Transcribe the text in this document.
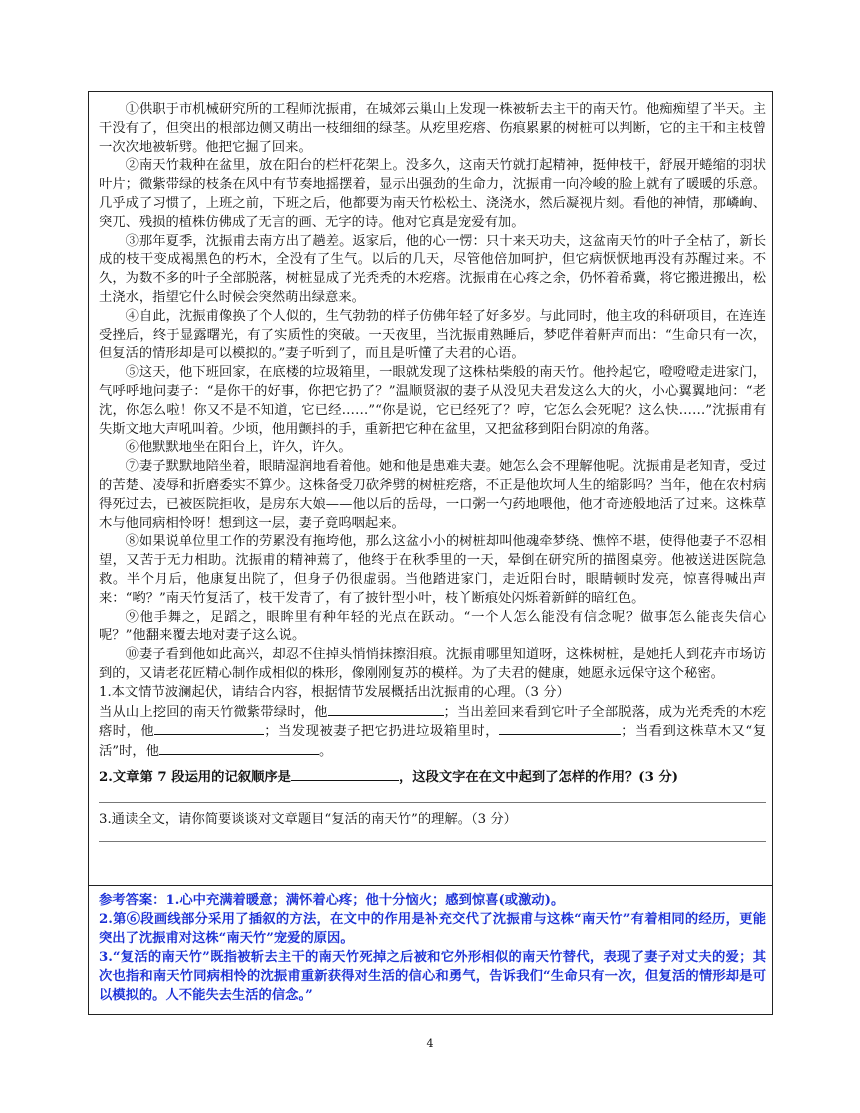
①供职于市机械研究所的工程师沈振甫，在城郊云巢山上发现一株被斩去主干的南天竹。他痴痴望了半天。主干没有了，但突出的根部边侧又萌出一枝细细的绿茎。从疙里疙瘩、伤痕累累的树桩可以判断，它的主干和主枝曾一次次地被斩劈。他把它掘了回来。

②南天竹栽种在盆里，放在阳台的栏杆花架上。没多久，这南天竹就打起精神，挺伸枝干，舒展开蜷缩的羽状叶片；微紫带绿的枝条在风中有节奏地摇摆着，显示出强劲的生命力，沈振甫一向冷峻的脸上就有了暖暖的乐意。几乎成了习惯了，上班之前，下班之后，他都要为南天竹松松土、浇浇水，然后凝视片刻。看他的神情，那嶙峋、突兀、残损的植株仿佛成了无言的画、无字的诗。他对它真是宠爱有加。

③那年夏季，沈振甫去南方出了趟差。返家后，他的心一愣：只十来天功夫，这盆南天竹的叶子全枯了，新长成的枝干变成褐黑色的朽木，全没有了生气。以后的几天，尽管他倍加呵护，但它病恹恹地再没有苏醒过来。不久，为数不多的叶子全部脱落，树桩显成了光秃秃的木疙瘩。沈振甫在心疼之余，仍怀着希冀，将它搬进搬出，松土浇水，指望它什么时候会突然萌出绿意来。

④自此，沈振甫像换了个人似的，生气勃勃的样子仿佛年轻了好多岁。与此同时，他主攻的科研项目，在连连受挫后，终于显露曙光，有了实质性的突破。一天夜里，当沈振甫熟睡后，梦呓伴着鼾声而出：“生命只有一次，但复活的情形却是可以模拟的。”妻子听到了，而且是听懂了夫君的心语。

⑤这天，他下班回家，在底楼的垃圾箱里，一眼就发现了这株枯柴般的南天竹。他拎起它，噔噔噔走进家门，气呼呼地问妻子：“是你干的好事，你把它扔了？”温顺贤淑的妻子从没见夫君发这么大的火，小心翼翼地问：“老沈，你怎么啦！你又不是不知道，它已经……”“你是说，它已经死了？哼，它怎么会死呢？这么快……”沈振甫有失斯文地大声吼叫着。少顷，他用颤抖的手，重新把它种在盆里，又把盆移到阳台阴凉的角落。

⑥他默默地坐在阳台上，许久，许久。

⑦妻子默默地陪坐着，眼睛湿润地看着他。她和他是患难夫妻。她怎么会不理解他呢。沈振甫是老知青，受过的苦楚、凌辱和折磨委实不算少。这株备受刀砍斧劈的树桩疙瘩，不正是他坎坷人生的缩影吗？当年，他在农村病得死过去，已被医院拒收，是房东大娘——他以后的岳母，一口粥一勺药地喂他，他才奇迹般地活了过来。这株草木与他同病相怜呀！想到这一层，妻子竟呜咽起来。

⑧如果说单位里工作的劳累没有拖垮他，那么这盆小小的树桩却叫他魂牵梦绕、憔悴不堪，使得他妻子不忍相望，又苦于无力相助。沈振甫的精神蔫了，他终于在秋季里的一天，晕倒在研究所的描图桌旁。他被送进医院急救。半个月后，他康复出院了，但身子仍很虚弱。当他踏进家门，走近阳台时，眼睛顿时发亮，惊喜得喊出声来：“哟？”南天竹复活了，枝干发青了，有了披针型小叶，枝丫断痕处闪烁着新鲜的暗红色。

⑨他手舞之，足蹈之，眼眸里有种年轻的光点在跃动。“一个人怎么能没有信念呢？做事怎么能丧失信心呢？”他翻来覆去地对妻子这么说。

⑩妻子看到他如此高兴，却忍不住掉头悄悄抹擦泪痕。沈振甫哪里知道呀，这株树桩，是她托人到花卉市场访到的，又请老花匠精心制作成相似的株形，像刚刚复苏的模样。为了夫君的健康，她愿永远保守这个秘密。

1.本文情节波澜起伏，请结合内容，根据情节发展概括出沈振甫的心理。（3 分）

当从山上挖回的南天竹微紫带绿时，他	；当出差回来看到它叶子全部脱落，成为光秃秃的木疙瘩时，他	；当发现被妻子把它扔进垃圾箱里时，	；当看到这株草木又“复活”时，他	。

2.文章第 7 段运用的记叙顺序是	，这段文字在在文中起到了怎样的作用？(3 分)

3.通读全文，请你简要谈谈对文章题目“复活的南天竹”的理解。（3 分）

参考答案：1.心中充满着暖意；满怀着心疼；他十分恼火；感到惊喜(或激动)。

2.第⑥段画线部分采用了插叙的方法，在文中的作用是补充交代了沈振甫与这株“南天竹”有着相同的经历，更能突出了沈振甫对这株“南天竹”宠爱的原因。

3.“复活的南天竹”既指被斩去主干的南天竹死掉之后被和它外形相似的南天竹替代，表现了妻子对丈夫的爱；其次也指和南天竹同病相怜的沈振甫重新获得对生活的信心和勇气，告诉我们“生命只有一次，但复活的情形却是可以模拟的。人不能失去生活的信念。”

4
